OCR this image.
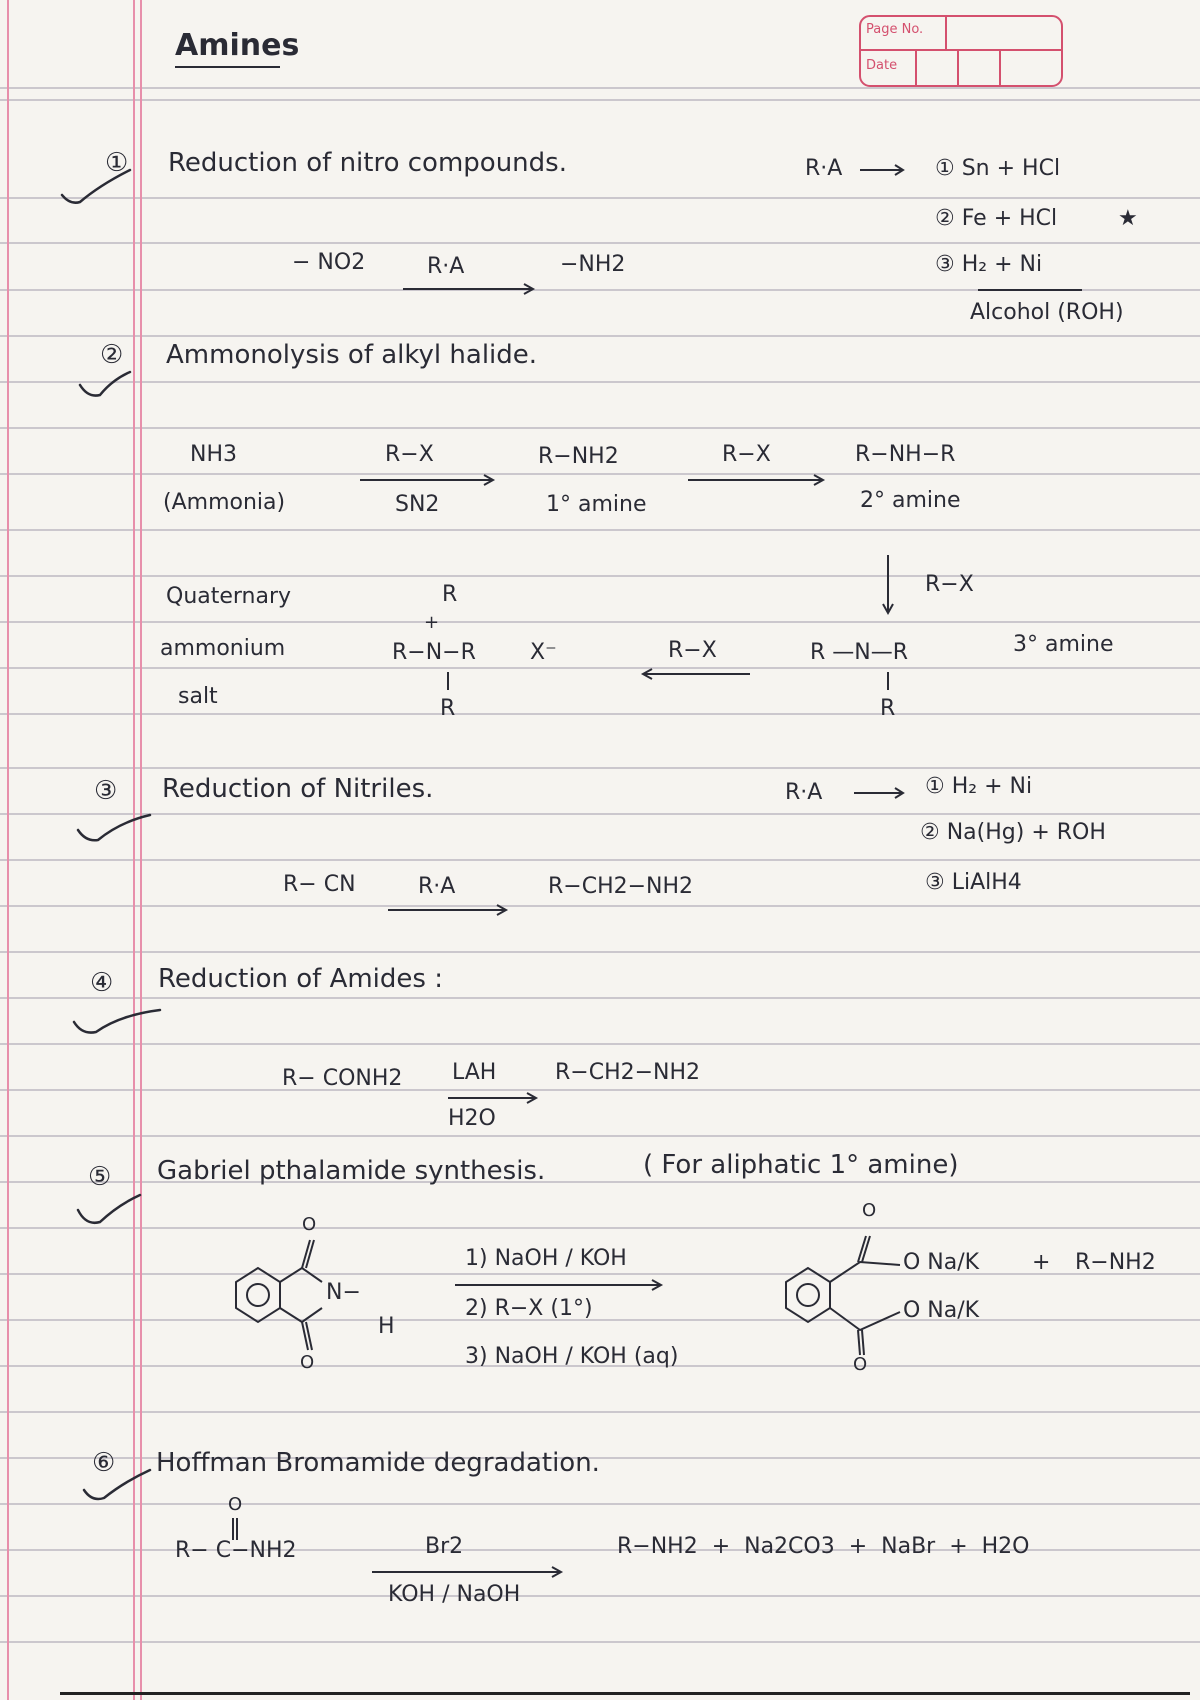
Amines	Page No.
Date
① Reduction of nitro compounds.	R·A	① Sn + HCl
② Fe + HCl	★
③ H₂ + Ni
Alcohol (ROH)
− NO2	R·A	−NH2
② Ammonolysis of alkyl halide.
NH3
(Ammonia)
R−X
SN2
R−NH2
1° amine
R−X	R−NH−R
2° amine
R−X
Quaternary
ammonium
salt
R
+
R−N−R X⁻
R
R−X	R —N—R
R
3° amine
③ Reduction of Nitriles.	R·A	① H₂ + Ni
② Na(Hg) + ROH
③ LiAlH4
R− CN	R·A	R−CH2−NH2
④ Reduction of Amides :
R− CONH2 LAH
H2O
R−CH2−NH2
⑤ Gabriel pthalamide synthesis.	( For aliphatic 1° amine)
O
O
N−
H
1) NaOH / KOH
2) R−X (1°)
3) NaOH / KOH (aq)
O
O
O Na/K
O Na/K
+ R−NH2
⑥ Hoffman Bromamide degradation.
O
R− C−NH2	Br2
KOH / NaOH
R−NH2  +  Na2CO3  +  NaBr  +  H2O
